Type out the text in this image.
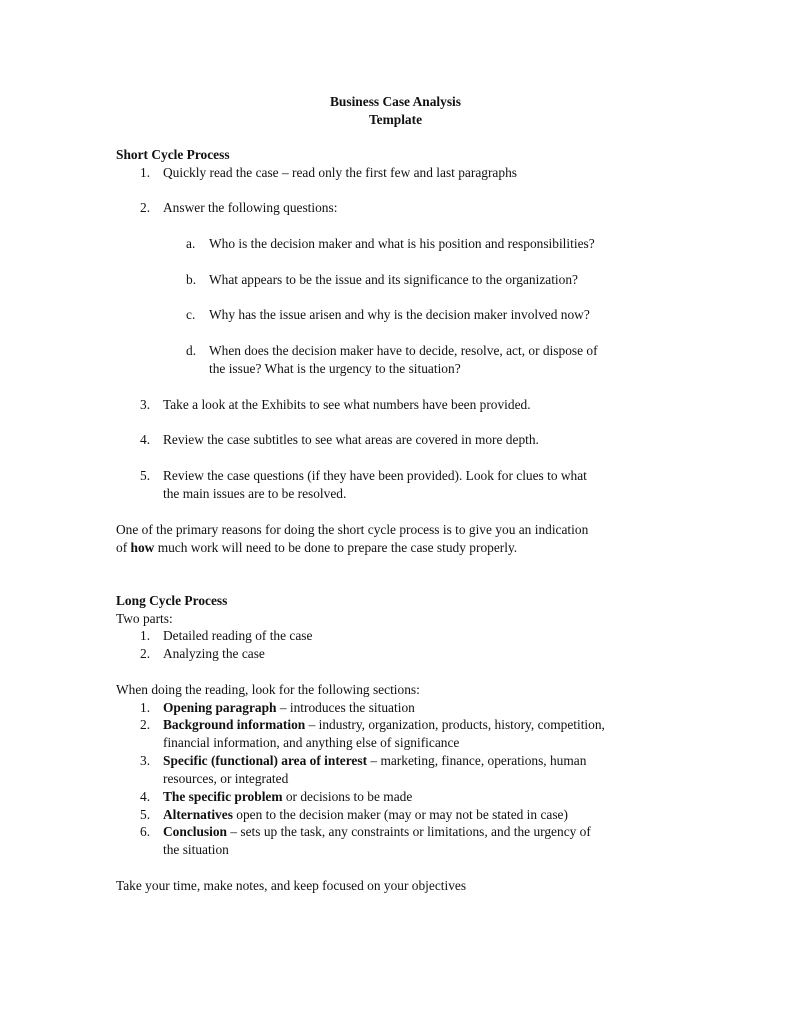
Business Case Analysis
Template
Short Cycle Process
1. Quickly read the case – read only the first few and last paragraphs
2. Answer the following questions:
a. Who is the decision maker and what is his position and responsibilities?
b. What appears to be the issue and its significance to the organization?
c. Why has the issue arisen and why is the decision maker involved now?
d. When does the decision maker have to decide, resolve, act, or dispose of
the issue? What is the urgency to the situation?
3. Take a look at the Exhibits to see what numbers have been provided.
4. Review the case subtitles to see what areas are covered in more depth.
5. Review the case questions (if they have been provided). Look for clues to what
the main issues are to be resolved.
One of the primary reasons for doing the short cycle process is to give you an indication
of how much work will need to be done to prepare the case study properly.
Long Cycle Process
Two parts:
1. Detailed reading of the case
2. Analyzing the case
When doing the reading, look for the following sections:
1. Opening paragraph – introduces the situation
2. Background information – industry, organization, products, history, competition,
financial information, and anything else of significance
3. Specific (functional) area of interest – marketing, finance, operations, human
resources, or integrated
4. The specific problem or decisions to be made
5. Alternatives open to the decision maker (may or may not be stated in case)
6. Conclusion – sets up the task, any constraints or limitations, and the urgency of
the situation
Take your time, make notes, and keep focused on your objectives
